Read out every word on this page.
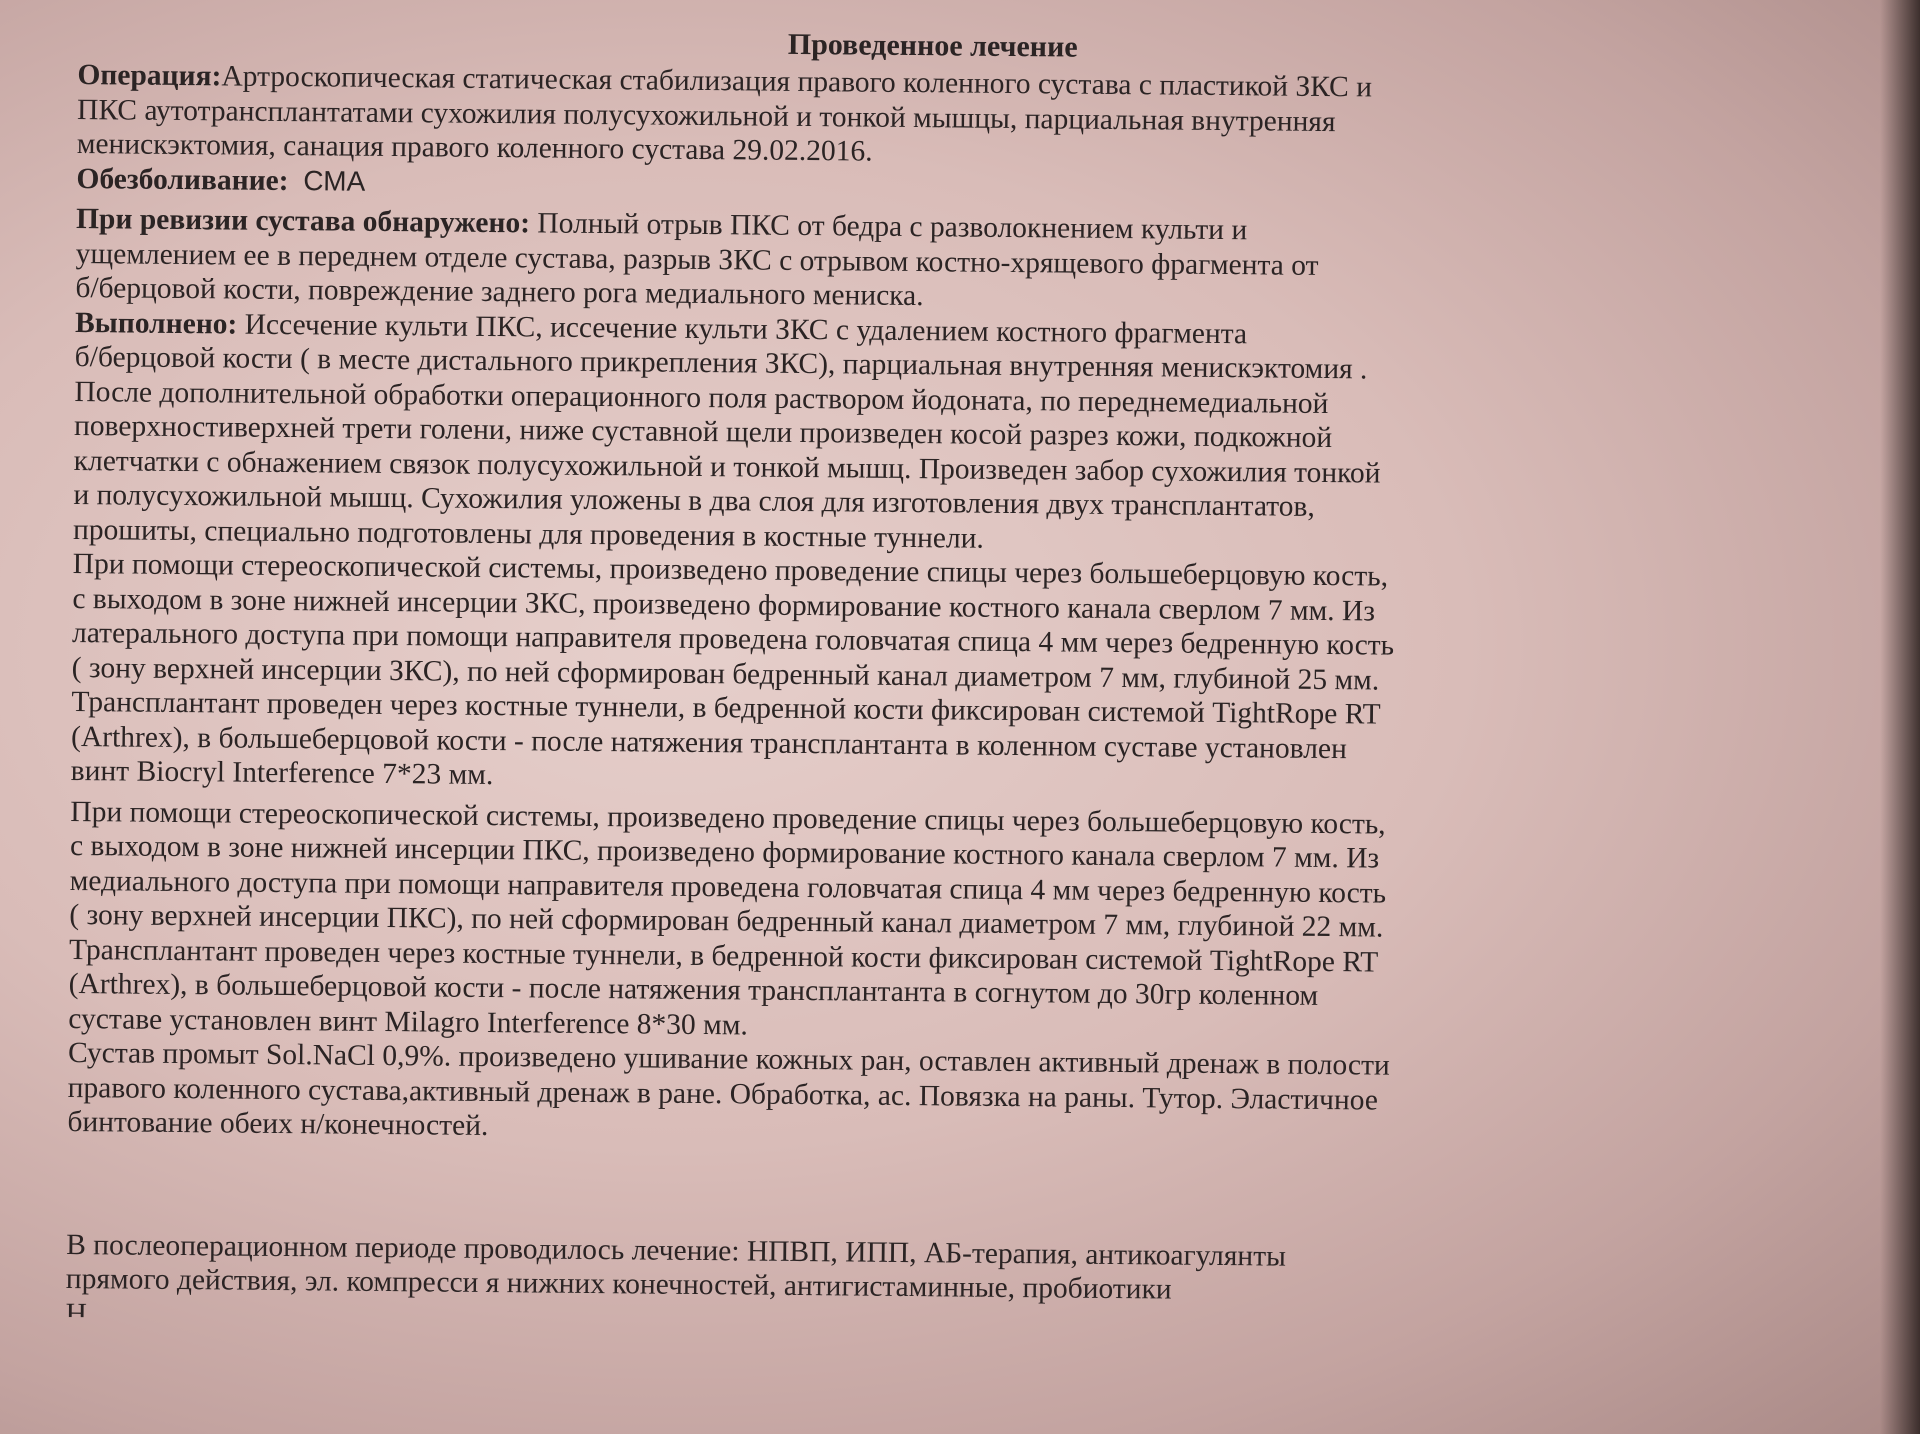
Проведенное лечение
Операция:Артроскопическая статическая стабилизация правого коленного сустава с пластикой ЗКС и
ПКС аутотрансплантатами сухожилия полусухожильной и тонкой мышцы, парциальная внутренняя
менискэктомия, санация правого коленного сустава 29.02.2016.
Обезболивание: СМА
При ревизии сустава обнаружено: Полный отрыв ПКС от бедра с разволокнением культи и
ущемлением ее в переднем отделе сустава, разрыв ЗКС с отрывом костно-хрящевого фрагмента от
б/берцовой кости, повреждение заднего рога медиального мениска.
Выполнено: Иссечение культи ПКС, иссечение культи ЗКС с удалением костного фрагмента
б/берцовой кости ( в месте дистального прикрепления ЗКС), парциальная внутренняя менискэктомия .
После дополнительной обработки операционного поля раствором йодоната, по переднемедиальной
поверхностиверхней трети голени, ниже суставной щели произведен косой разрез кожи, подкожной
клетчатки с обнажением связок полусухожильной и тонкой мышц. Произведен забор сухожилия тонкой
и полусухожильной мышц. Сухожилия уложены в два слоя для изготовления двух трансплантатов,
прошиты, специально подготовлены для проведения в костные туннели.
При помощи стереоскопической системы, произведено проведение спицы через большеберцовую кость,
с выходом в зоне нижней инсерции ЗКС, произведено формирование костного канала сверлом 7 мм. Из
латерального доступа при помощи направителя проведена головчатая спица 4 мм через бедренную кость
( зону верхней инсерции ЗКС), по ней сформирован бедренный канал диаметром 7 мм, глубиной 25 мм.
Трансплантант проведен через костные туннели, в бедренной кости фиксирован системой TightRope RT
(Arthrex), в большеберцовой кости - после натяжения трансплантанта в коленном суставе установлен
винт Biocryl Interference 7*23 мм.
При помощи стереоскопической системы, произведено проведение спицы через большеберцовую кость,
с выходом в зоне нижней инсерции ПКС, произведено формирование костного канала сверлом 7 мм. Из
медиального доступа при помощи направителя проведена головчатая спица 4 мм через бедренную кость
( зону верхней инсерции ПКС), по ней сформирован бедренный канал диаметром 7 мм, глубиной 22 мм.
Трансплантант проведен через костные туннели, в бедренной кости фиксирован системой TightRope RT
(Arthrex), в большеберцовой кости - после натяжения трансплантанта в согнутом до 30гр коленном
суставе установлен винт Milagro Interference 8*30 мм.
Сустав промыт Sol.NaCl 0,9%. произведено ушивание кожных ран, оставлен активный дренаж в полости
правого коленного сустава,активный дренаж в ране. Обработка, ас. Повязка на раны. Тутор. Эластичное
бинтование обеих н/конечностей.
В послеоперационном периоде проводилось лечение: НПВП, ИПП, АБ-терапия, антикоагулянты
прямого действия, эл. компресси я нижних конечностей, антигистаминные, пробиотики
Н...
